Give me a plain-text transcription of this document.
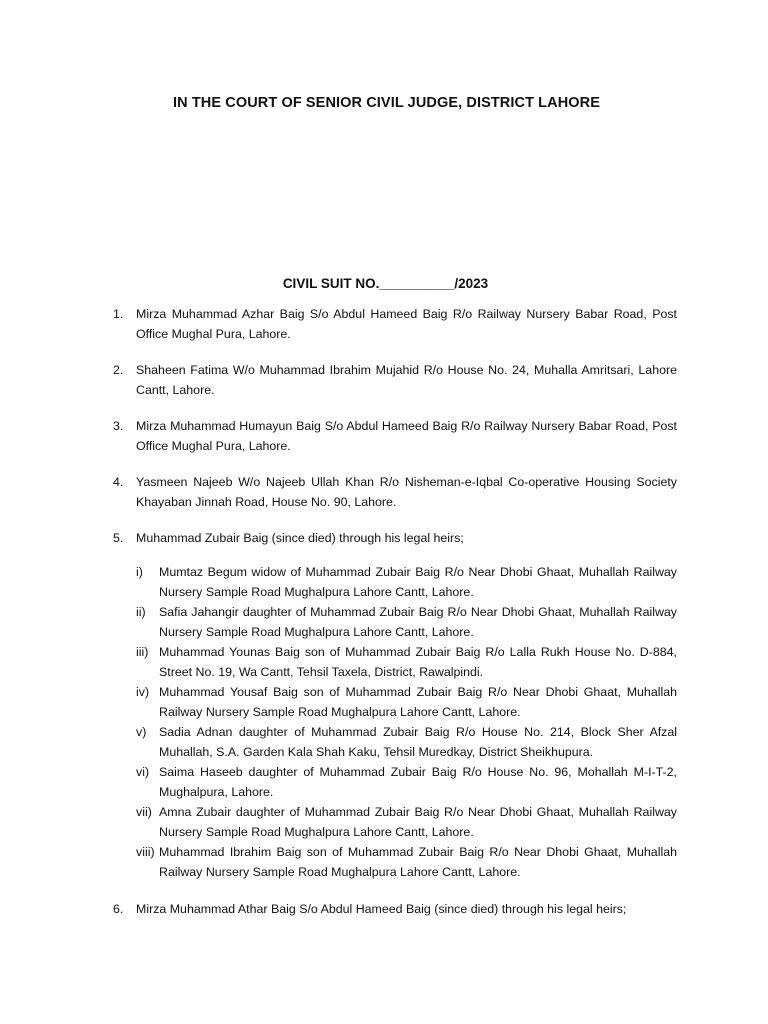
IN THE COURT OF SENIOR CIVIL JUDGE, DISTRICT LAHORE
CIVIL SUIT NO.__________/2023
1. Mirza Muhammad Azhar Baig S/o Abdul Hameed Baig R/o Railway Nursery Babar Road, Post Office Mughal Pura, Lahore.
2. Shaheen Fatima W/o Muhammad Ibrahim Mujahid R/o House No. 24, Muhalla Amritsari, Lahore Cantt, Lahore.
3. Mirza Muhammad Humayun Baig S/o Abdul Hameed Baig R/o Railway Nursery Babar Road, Post Office Mughal Pura, Lahore.
4. Yasmeen Najeeb W/o Najeeb Ullah Khan R/o Nisheman-e-Iqbal Co-operative Housing Society Khayaban Jinnah Road, House No. 90, Lahore.
5. Muhammad Zubair Baig (since died) through his legal heirs;
i)	Mumtaz Begum widow of Muhammad Zubair Baig R/o Near Dhobi Ghaat, Muhallah Railway Nursery Sample Road Mughalpura Lahore Cantt, Lahore.
ii)	Safia Jahangir daughter of Muhammad Zubair Baig R/o Near Dhobi Ghaat, Muhallah Railway Nursery Sample Road Mughalpura Lahore Cantt, Lahore.
iii) Muhammad Younas Baig son of Muhammad Zubair Baig R/o Lalla Rukh House No. D-884, Street No. 19, Wa Cantt, Tehsil Taxela, District, Rawalpindi.
iv) Muhammad Yousaf Baig son of Muhammad Zubair Baig R/o Near Dhobi Ghaat, Muhallah Railway Nursery Sample Road Mughalpura Lahore Cantt, Lahore.
v)	Sadia Adnan daughter of Muhammad Zubair Baig R/o House No. 214, Block Sher Afzal Muhallah, S.A. Garden Kala Shah Kaku, Tehsil Muredkay, District Sheikhupura.
vi) Saima Haseeb daughter of Muhammad Zubair Baig R/o House No. 96, Mohallah M-I-T-2, Mughalpura, Lahore.
vii) Amna Zubair daughter of Muhammad Zubair Baig R/o Near Dhobi Ghaat, Muhallah Railway Nursery Sample Road Mughalpura Lahore Cantt, Lahore.
viii) Muhammad Ibrahim Baig son of Muhammad Zubair Baig R/o Near Dhobi Ghaat, Muhallah Railway Nursery Sample Road Mughalpura Lahore Cantt, Lahore.
6. Mirza Muhammad Athar Baig S/o Abdul Hameed Baig (since died) through his legal heirs;
